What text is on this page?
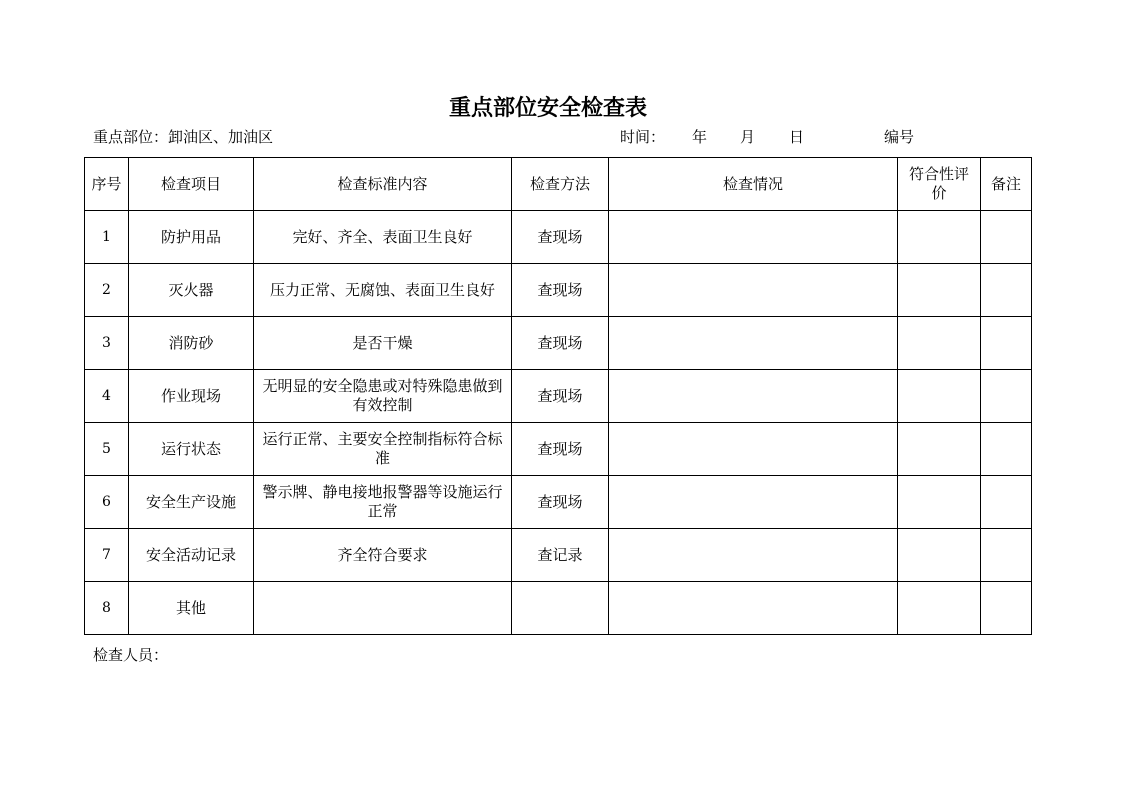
重点部位安全检查表
重点部位：卸油区、加油区	时间： 年 月 日	编号
序号	检查项目	检查标准内容	检查方法	检查情况	符合性评价	备注
1	防护用品	完好、齐全、表面卫生良好	查现场			
2	灭火器	压力正常、无腐蚀、表面卫生良好	查现场			
3	消防砂	是否干燥	查现场			
4	作业现场	无明显的安全隐患或对特殊隐患做到有效控制	查现场			
5	运行状态	运行正常、主要安全控制指标符合标准	查现场			
6	安全生产设施	警示牌、静电接地报警器等设施运行正常	查现场			
7	安全活动记录	齐全符合要求	查记录			
8	其他					
检查人员：
